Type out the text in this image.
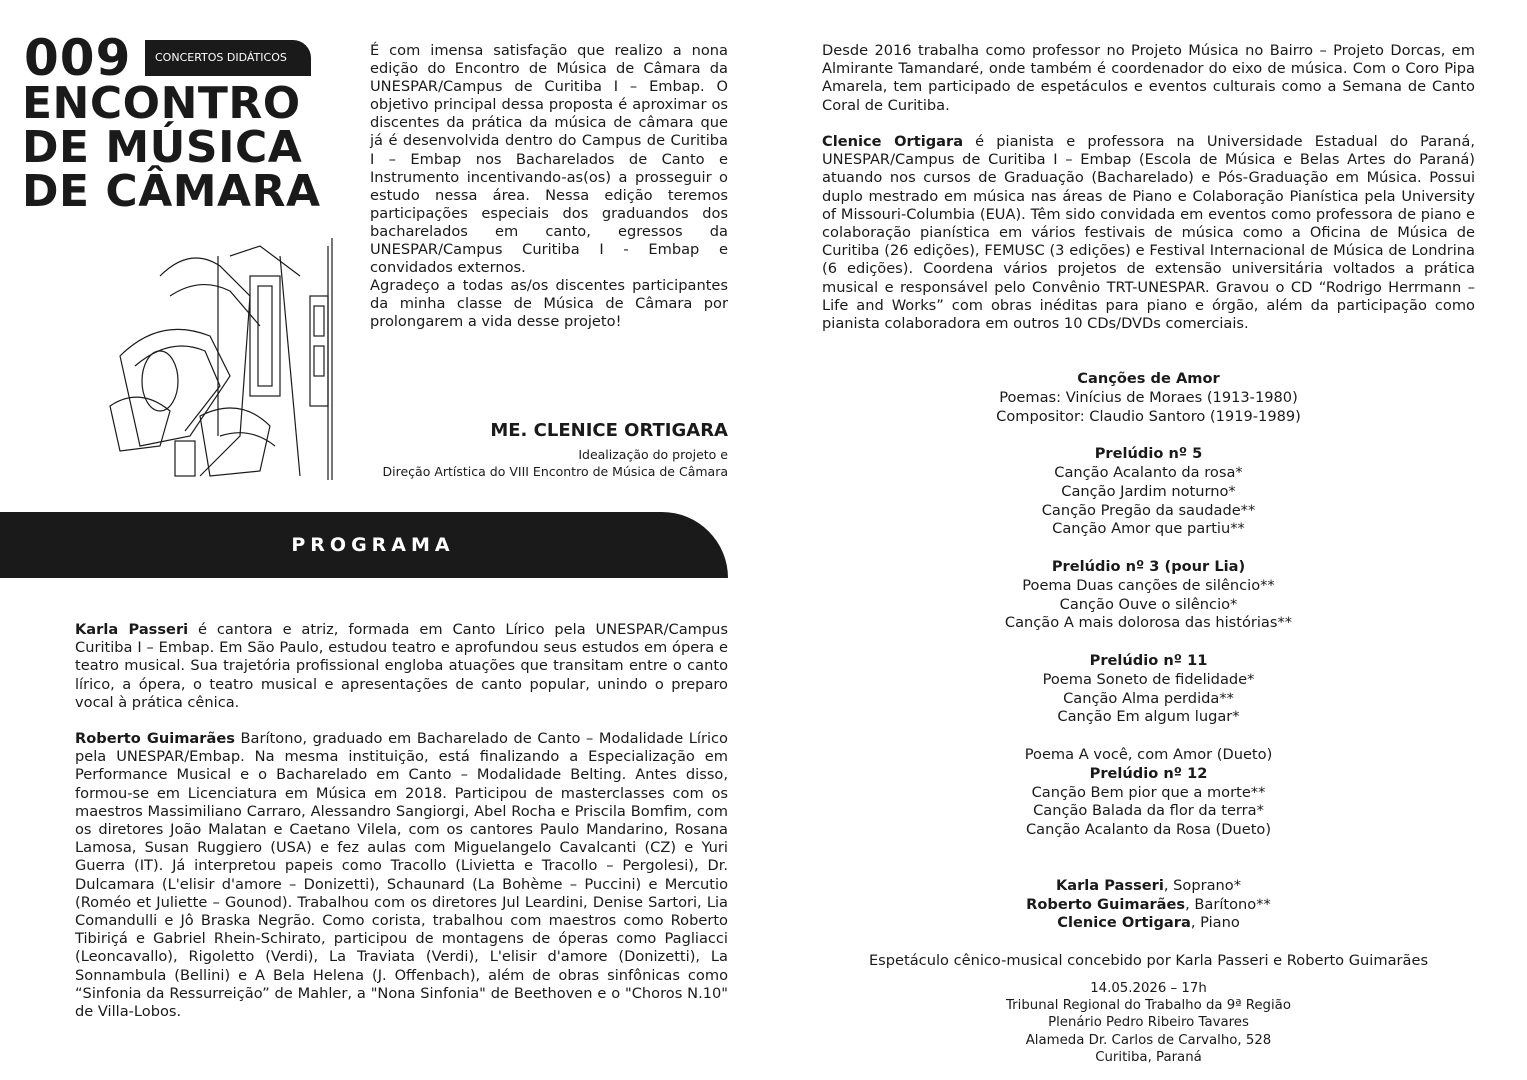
009	CONCERTOS DIDÁTICOS
ENCONTRO
DE MÚSICA
DE CÂMARA

É com imensa satisfação que realizo a nona edição do Encontro de Música de Câmara da UNESPAR/Campus de Curitiba I – Embap. O objetivo principal dessa proposta é aproximar os discentes da prática da música de câmara que já é desenvolvida dentro do Campus de Curitiba I – Embap nos Bacharelados de Canto e Instrumento incentivando-as(os) a prosseguir o estudo nessa área. Nessa edição teremos participações especiais dos graduandos dos bacharelados em canto, egressos da UNESPAR/Campus Curitiba I - Embap e convidados externos.

Agradeço a todas as/os discentes participantes da minha classe de Música de Câmara por prolongarem a vida desse projeto!

ME. CLENICE ORTIGARA
Idealização do projeto e
Direção Artística do VIII Encontro de Música de Câmara
PROGRAMA

Karla Passeri é cantora e atriz, formada em Canto Lírico pela UNESPAR/Campus Curitiba I – Embap. Em São Paulo, estudou teatro e aprofundou seus estudos em ópera e teatro musical. Sua trajetória profissional engloba atuações que transitam entre o canto lírico, a ópera, o teatro musical e apresentações de canto popular, unindo o preparo vocal à prática cênica.

Roberto Guimarães Barítono, graduado em Bacharelado de Canto – Modalidade Lírico pela UNESPAR/Embap. Na mesma instituição, está finalizando a Especialização em Performance Musical e o Bacharelado em Canto – Modalidade Belting. Antes disso, formou-se em Licenciatura em Música em 2018. Participou de masterclasses com os maestros Massimiliano Carraro, Alessandro Sangiorgi, Abel Rocha e Priscila Bomfim, com os diretores João Malatan e Caetano Vilela, com os cantores Paulo Mandarino, Rosana Lamosa, Susan Ruggiero (USA) e fez aulas com Miguelangelo Cavalcanti (CZ) e Yuri Guerra (IT). Já interpretou papeis como Tracollo (Livietta e Tracollo – Pergolesi), Dr. Dulcamara (L'elisir d'amore – Donizetti), Schaunard (La Bohème – Puccini) e Mercutio (Roméo et Juliette – Gounod). Trabalhou com os diretores Jul Leardini, Denise Sartori, Lia Comandulli e Jô Braska Negrão. Como corista, trabalhou com maestros como Roberto Tibiriçá e Gabriel Rhein-Schirato, participou de montagens de óperas como Pagliacci (Leoncavallo), Rigoletto (Verdi), La Traviata (Verdi), L'elisir d'amore (Donizetti), La Sonnambula (Bellini) e A Bela Helena (J. Offenbach), além de obras sinfônicas como “Sinfonia da Ressurreição” de Mahler, a "Nona Sinfonia" de Beethoven e o "Choros N.10" de Villa-Lobos.

Desde 2016 trabalha como professor no Projeto Música no Bairro – Projeto Dorcas, em Almirante Tamandaré, onde também é coordenador do eixo de música. Com o Coro Pipa Amarela, tem participado de espetáculos e eventos culturais como a Semana de Canto Coral de Curitiba.

Clenice Ortigara é pianista e professora na Universidade Estadual do Paraná, UNESPAR/Campus de Curitiba I – Embap (Escola de Música e Belas Artes do Paraná) atuando nos cursos de Graduação (Bacharelado) e Pós-Graduação em Música. Possui duplo mestrado em música nas áreas de Piano e Colaboração Pianística pela University of Missouri-Columbia (EUA). Têm sido convidada em eventos como professora de piano e colaboração pianística em vários festivais de música como a Oficina de Música de Curitiba (26 edições), FEMUSC (3 edições) e Festival Internacional de Música de Londrina (6 edições). Coordena vários projetos de extensão universitária voltados a prática musical e responsável pelo Convênio TRT-UNESPAR. Gravou o CD “Rodrigo Herrmann – Life and Works” com obras inéditas para piano e órgão, além da participação como pianista colaboradora em outros 10 CDs/DVDs comerciais.

Canções de Amor
Poemas: Vinícius de Moraes (1913-1980)
Compositor: Claudio Santoro (1919-1989)
Prelúdio nº 5
Canção Acalanto da rosa*
Canção Jardim noturno*
Canção Pregão da saudade**
Canção Amor que partiu**
Prelúdio nº 3 (pour Lia)
Poema Duas canções de silêncio**
Canção Ouve o silêncio*
Canção A mais dolorosa das histórias**
Prelúdio nº 11
Poema Soneto de fidelidade*
Canção Alma perdida**
Canção Em algum lugar*
Poema A você, com Amor (Dueto)
Prelúdio nº 12
Canção Bem pior que a morte**
Canção Balada da flor da terra*
Canção Acalanto da Rosa (Dueto)
Karla Passeri, Soprano*
Roberto Guimarães, Barítono**
Clenice Ortigara, Piano
Espetáculo cênico-musical concebido por Karla Passeri e Roberto Guimarães
14.05.2026 – 17h
Tribunal Regional do Trabalho da 9ª Região
Plenário Pedro Ribeiro Tavares
Alameda Dr. Carlos de Carvalho, 528
Curitiba, Paraná
